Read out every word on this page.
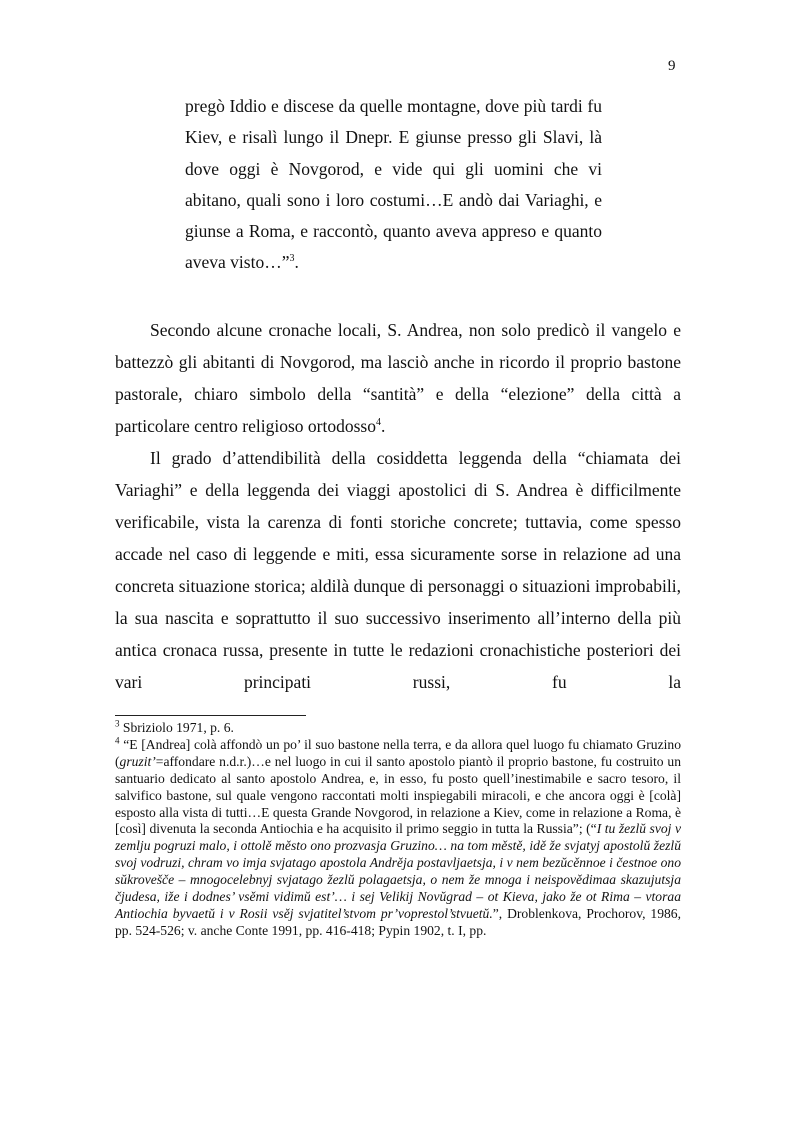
9

pregò Iddio e discese da quelle montagne, dove più tardi fu Kiev, e risalì lungo il Dnepr. E giunse presso gli Slavi, là dove oggi è Novgorod, e vide qui gli uomini che vi abitano, quali sono i loro costumi…E andò dai Variaghi, e giunse a Roma, e raccontò, quanto aveva appreso e quanto aveva visto…”$^3$.

Secondo alcune cronache locali, S. Andrea, non solo predicò il vangelo e battezzò gli abitanti di Novgorod, ma lasciò anche in ricordo il proprio bastone pastorale, chiaro simbolo della “santità” e della “elezione” della città a particolare centro religioso ortodosso$^4$.

Il grado d’attendibilità della cosiddetta leggenda della “chiamata dei Variaghi” e della leggenda dei viaggi apostolici di S. Andrea è difficilmente verificabile, vista la carenza di fonti storiche concrete; tuttavia, come spesso accade nel caso di leggende e miti, essa sicuramente sorse in relazione ad una concreta situazione storica; aldilà dunque di personaggi o situazioni improbabili, la sua nascita e soprattutto il suo successivo inserimento all’interno della più antica cronaca russa, presente in tutte le redazioni cronachistiche posteriori dei vari principati russi, fu la

$^3$ Sbriziolo 1971, p. 6.

$^4$ “E [Andrea] colà affondò un po’ il suo bastone nella terra, e da allora quel luogo fu chiamato Gruzino (gruzit’=affondare n.d.r.)…e nel luogo in cui il santo apostolo piantò il proprio bastone, fu costruito un santuario dedicato al santo apostolo Andrea, e, in esso, fu posto quell’inestimabile e sacro tesoro, il salvifico bastone, sul quale vengono raccontati molti inspiegabili miracoli, e che ancora oggi è [colà] esposto alla vista di tutti…E questa Grande Novgorod, in relazione a Kiev, come in relazione a Roma, è [così] divenuta la seconda Antiochia e ha acquisito il primo seggio in tutta la Russia”; (“I tu žezlŭ svoj v zemlju pogruzi malo, i ottolě město ono prozvasja Gruzino… na tom městě, idě že svjatyj apostolŭ žezlŭ svoj vodruzi, chram vo imja svjatago apostola Andrěja postavljaetsja, i v nem bezŭcěnnoe i čestnoe ono sŭkrovešče – mnogocelebnyj svjatago žezlŭ polagaetsja, o nem že mnoga i neispovědimaa skazujutsja čjudesa, iže i dodnes’ vsěmi vidimŭ est’… i sej Velikij Novŭgrad – ot Kieva, jako že ot Rima – vtoraa Antiochia byvaetŭ i v Rosii vsěj svjatitel’stvom pr’voprestol’stvuetŭ.”, Droblenkova, Prochorov, 1986, pp. 524-526; v. anche Conte 1991, pp. 416-418; Pypin 1902, t. I, pp.
